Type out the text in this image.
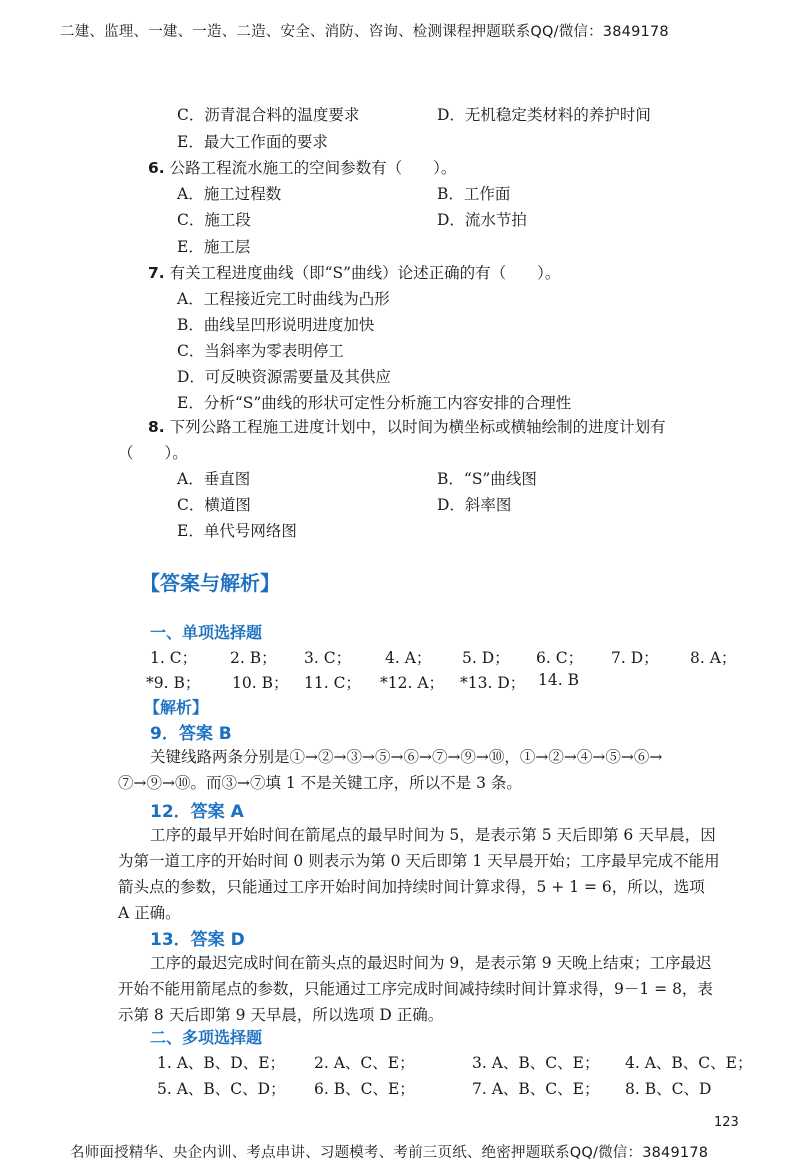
二建、监理、一建、一造、二造、安全、消防、咨询、检测课程押题联系QQ/微信：3849178
C．沥青混合料的温度要求	D．无机稳定类材料的养护时间
E．最大工作面的要求
6. 公路工程流水施工的空间参数有（　　）。
A．施工过程数	B．工作面
C．施工段	D．流水节拍
E．施工层
7. 有关工程进度曲线（即“S”曲线）论述正确的有（　　）。
A．工程接近完工时曲线为凸形
B．曲线呈凹形说明进度加快
C．当斜率为零表明停工
D．可反映资源需要量及其供应
E．分析“S”曲线的形状可定性分析施工内容安排的合理性
8. 下列公路工程施工进度计划中，以时间为横坐标或横轴绘制的进度计划有
（　　）。
A．垂直图	B．“S”曲线图
C．横道图	D．斜率图
E．单代号网络图
【答案与解析】
一、单项选择题
1. C； 2. B； 3. C； 4. A； 5. D； 6. C； 7. D； 8. A；
*9. B； 10. B； 11. C； *12. A； *13. D； 14. B
【解析】
9．答案 B
关键线路两条分别是①→②→③→⑤→⑥→⑦→⑨→⑩，①→②→④→⑤→⑥→
⑦→⑨→⑩。而③→⑦填 1 不是关键工序，所以不是 3 条。
12．答案 A
工序的最早开始时间在箭尾点的最早时间为 5，是表示第 5 天后即第 6 天早晨，因
为第一道工序的开始时间 0 则表示为第 0 天后即第 1 天早晨开始；工序最早完成不能用
箭头点的参数，只能通过工序开始时间加持续时间计算求得，5 + 1 = 6，所以，选项
A 正确。
13．答案 D
工序的最迟完成时间在箭头点的最迟时间为 9，是表示第 9 天晚上结束；工序最迟
开始不能用箭尾点的参数，只能通过工序完成时间减持续时间计算求得，9－1 = 8，表
示第 8 天后即第 9 天早晨，所以选项 D 正确。
二、多项选择题
1. A、B、D、E； 2. A、C、E；	3. A、B、C、E； 4. A、B、C、E；
5. A、B、C、D； 6. B、C、E；	7. A、B、C、E； 8. B、C、D
123
名师面授精华、央企内训、考点串讲、习题模考、考前三页纸、绝密押题联系QQ/微信：3849178
